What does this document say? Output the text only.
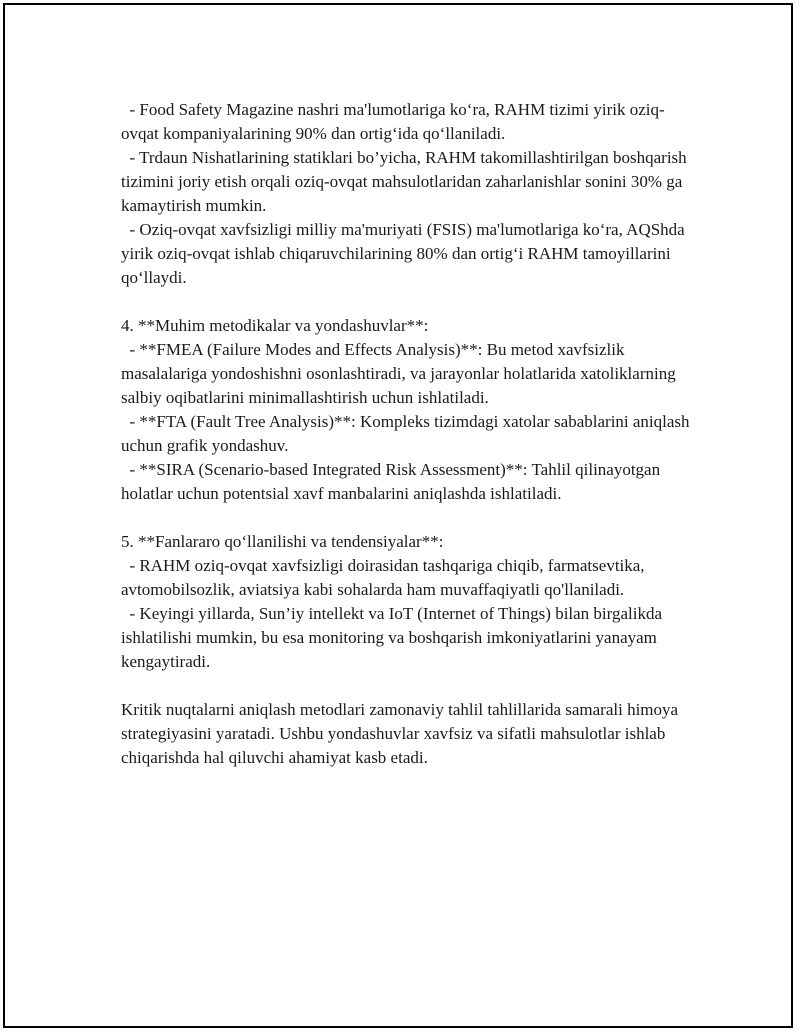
- Food Safety Magazine nashri ma'lumotlariga ko‘ra, RAHM tizimi yirik oziq-ovqat kompaniyalarining 90% dan ortig‘ida qo‘llaniladi.

- Trdaun Nishatlarining statiklari bo’yicha, RAHM takomillashtirilgan boshqarish tizimini joriy etish orqali oziq-ovqat mahsulotlaridan zaharlanishlar sonini 30% ga kamaytirish mumkin.

- Oziq-ovqat xavfsizligi milliy ma'muriyati (FSIS) ma'lumotlariga ko‘ra, AQShda yirik oziq-ovqat ishlab chiqaruvchilarining 80% dan ortig‘i RAHM tamoyillarini qo‘llaydi.

4. **Muhim metodikalar va yondashuvlar**:

- **FMEA (Failure Modes and Effects Analysis)**: Bu metod xavfsizlik masalalariga yondoshishni osonlashtiradi, va jarayonlar holatlarida xatoliklarning salbiy oqibatlarini minimallashtirish uchun ishlatiladi.

- **FTA (Fault Tree Analysis)**: Kompleks tizimdagi xatolar sabablarini aniqlash uchun grafik yondashuv.

- **SIRA (Scenario-based Integrated Risk Assessment)**: Tahlil qilinayotgan holatlar uchun potentsial xavf manbalarini aniqlashda ishlatiladi.

5. **Fanlararo qo‘llanilishi va tendensiyalar**:

- RAHM oziq-ovqat xavfsizligi doirasidan tashqariga chiqib, farmatsevtika, avtomobilsozlik, aviatsiya kabi sohalarda ham muvaffaqiyatli qo'llaniladi.

- Keyingi yillarda, Sun’iy intellekt va IoT (Internet of Things) bilan birgalikda ishlatilishi mumkin, bu esa monitoring va boshqarish imkoniyatlarini yanayam kengaytiradi.

Kritik nuqtalarni aniqlash metodlari zamonaviy tahlil tahlillarida samarali himoya strategiyasini yaratadi. Ushbu yondashuvlar xavfsiz va sifatli mahsulotlar ishlab chiqarishda hal qiluvchi ahamiyat kasb etadi.
